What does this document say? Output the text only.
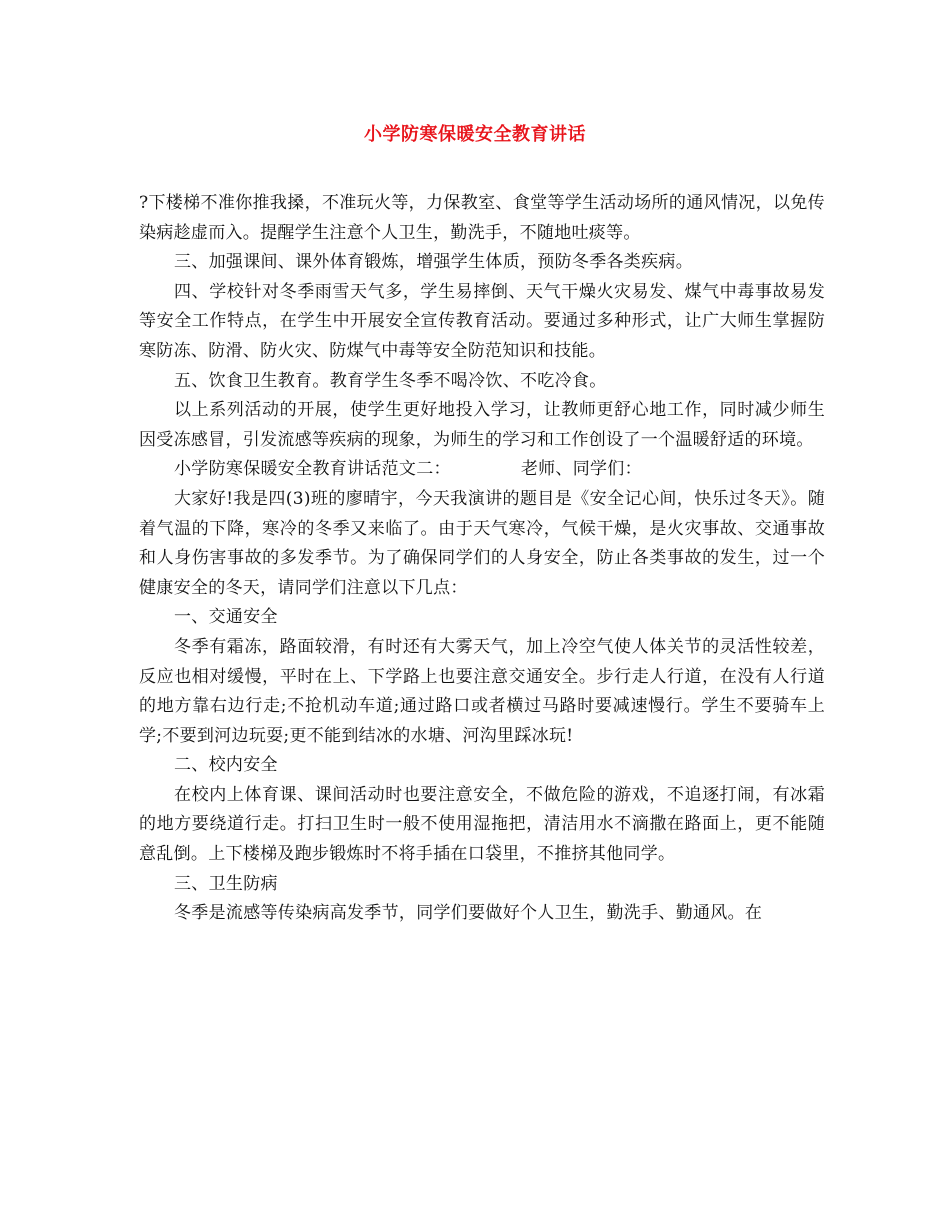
小学防寒保暖安全教育讲话

?下楼梯不准你推我搡，不准玩火等，力保教室、食堂等学生活动场所的通风情况，以免传染病趁虚而入。提醒学生注意个人卫生，勤洗手，不随地吐痰等。

三、加强课间、课外体育锻炼，增强学生体质，预防冬季各类疾病。

四、学校针对冬季雨雪天气多，学生易摔倒、天气干燥火灾易发、煤气中毒事故易发等安全工作特点，在学生中开展安全宣传教育活动。要通过多种形式，让广大师生掌握防寒防冻、防滑、防火灾、防煤气中毒等安全防范知识和技能。

五、饮食卫生教育。教育学生冬季不喝冷饮、不吃冷食。

以上系列活动的开展，使学生更好地投入学习，让教师更舒心地工作，同时减少师生因受冻感冒，引发流感等疾病的现象，为师生的学习和工作创设了一个温暖舒适的环境。

小学防寒保暖安全教育讲话范文二：	老师、同学们：

大家好!我是四(3)班的廖晴宇，今天我演讲的题目是《安全记心间，快乐过冬天》。随着气温的下降，寒冷的冬季又来临了。由于天气寒冷，气候干燥，是火灾事故、交通事故和人身伤害事故的多发季节。为了确保同学们的人身安全，防止各类事故的发生，过一个健康安全的冬天，请同学们注意以下几点：

一、交通安全

冬季有霜冻，路面较滑，有时还有大雾天气，加上冷空气使人体关节的灵活性较差，反应也相对缓慢，平时在上、下学路上也要注意交通安全。步行走人行道，在没有人行道的地方靠右边行走;不抢机动车道;通过路口或者横过马路时要减速慢行。学生不要骑车上学;不要到河边玩耍;更不能到结冰的水塘、河沟里踩冰玩!

二、校内安全

在校内上体育课、课间活动时也要注意安全，不做危险的游戏，不追逐打闹，有冰霜的地方要绕道行走。打扫卫生时一般不使用湿拖把，清洁用水不滴撒在路面上，更不能随意乱倒。上下楼梯及跑步锻炼时不将手插在口袋里，不推挤其他同学。

三、卫生防病

冬季是流感等传染病高发季节，同学们要做好个人卫生，勤洗手、勤通风。在
